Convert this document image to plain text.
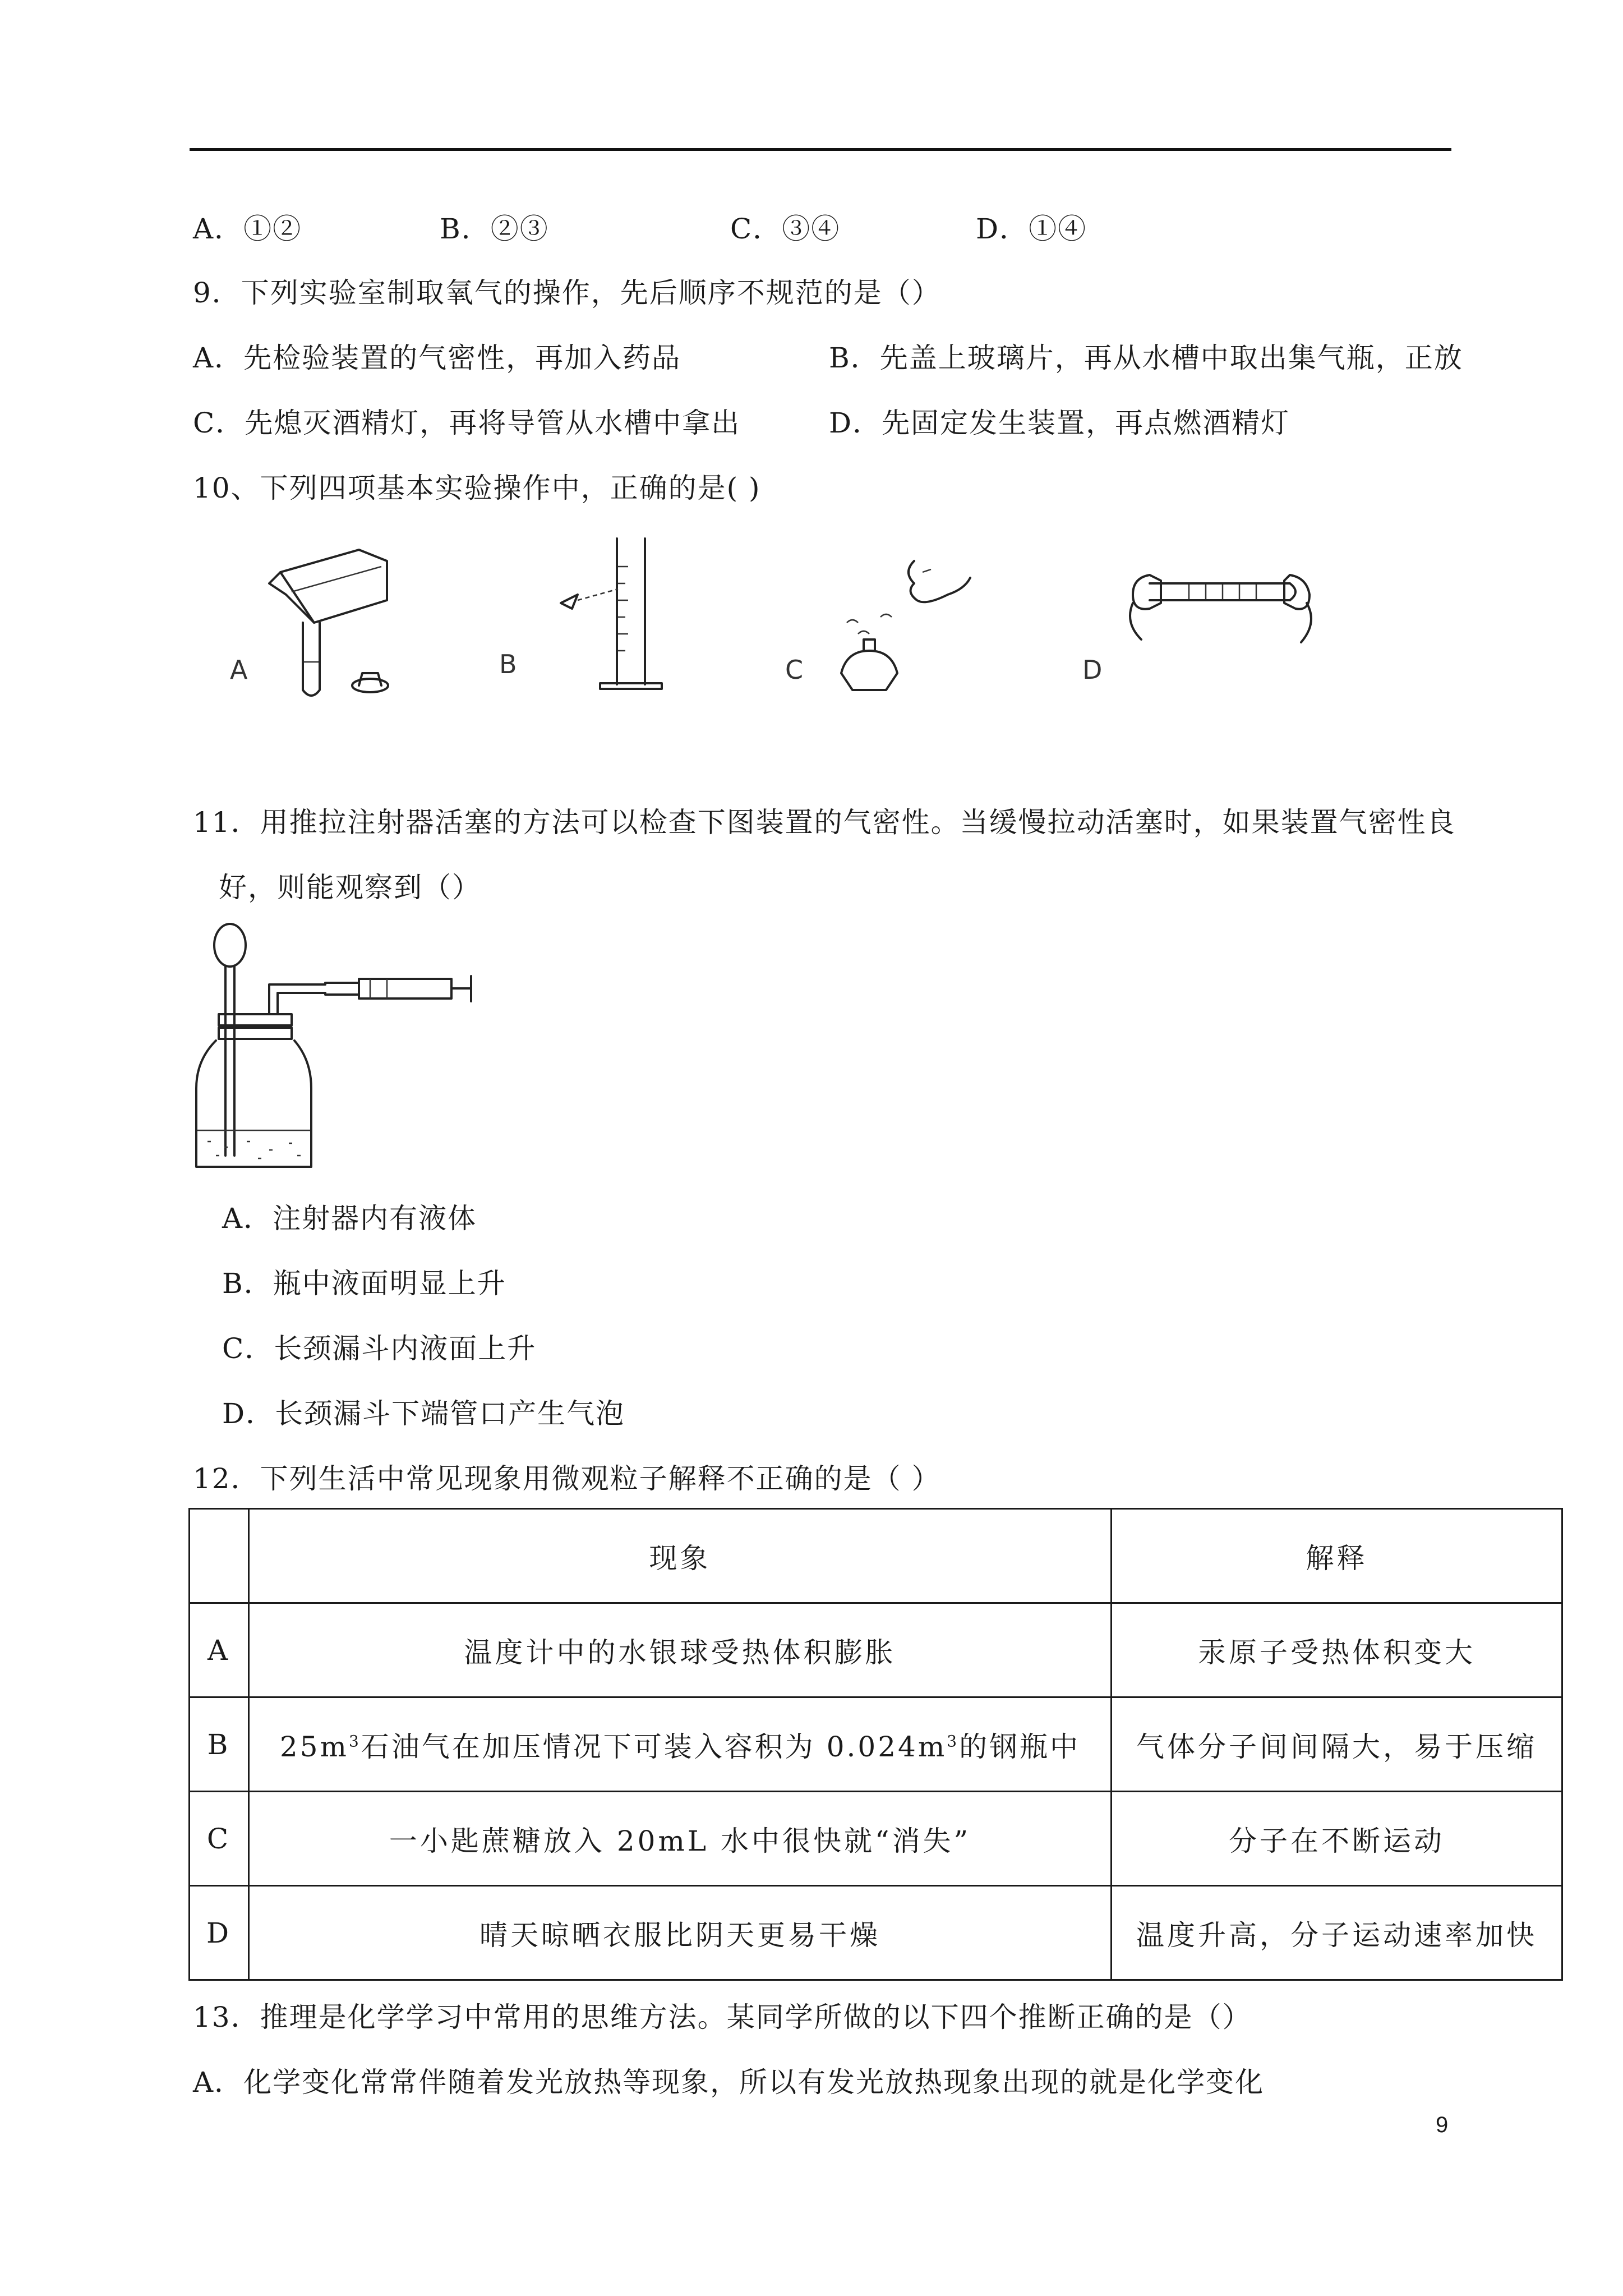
A．①②	B．②③	C．③④	D．①④
9．下列实验室制取氧气的操作，先后顺序不规范的是（）
A．先检验装置的气密性，再加入药品	B．先盖上玻璃片，再从水槽中取出集气瓶，正放
C．先熄灭酒精灯，再将导管从水槽中拿出	D．先固定发生装置，再点燃酒精灯
10、下列四项基本实验操作中，正确的是( )
A	B	C	D
11．用推拉注射器活塞的方法可以检查下图装置的气密性。当缓慢拉动活塞时，如果装置气密性良
好，则能观察到（）
A．注射器内有液体
B．瓶中液面明显上升
C．长颈漏斗内液面上升
D．长颈漏斗下端管口产生气泡
12．下列生活中常见现象用微观粒子解释不正确的是（ ）
	现象	解释
A	温度计中的水银球受热体积膨胀	汞原子受热体积变大
B	$25m^3$石油气在加压情况下可装入容积为 $0.024m^3$的钢瓶中	气体分子间间隔大，易于压缩
C	一小匙蔗糖放入 20mL 水中很快就“消失”	分子在不断运动
D	晴天晾晒衣服比阴天更易干燥	温度升高，分子运动速率加快
13．推理是化学学习中常用的思维方法。某同学所做的以下四个推断正确的是（）
A．化学变化常常伴随着发光放热等现象，所以有发光放热现象出现的就是化学变化
9
